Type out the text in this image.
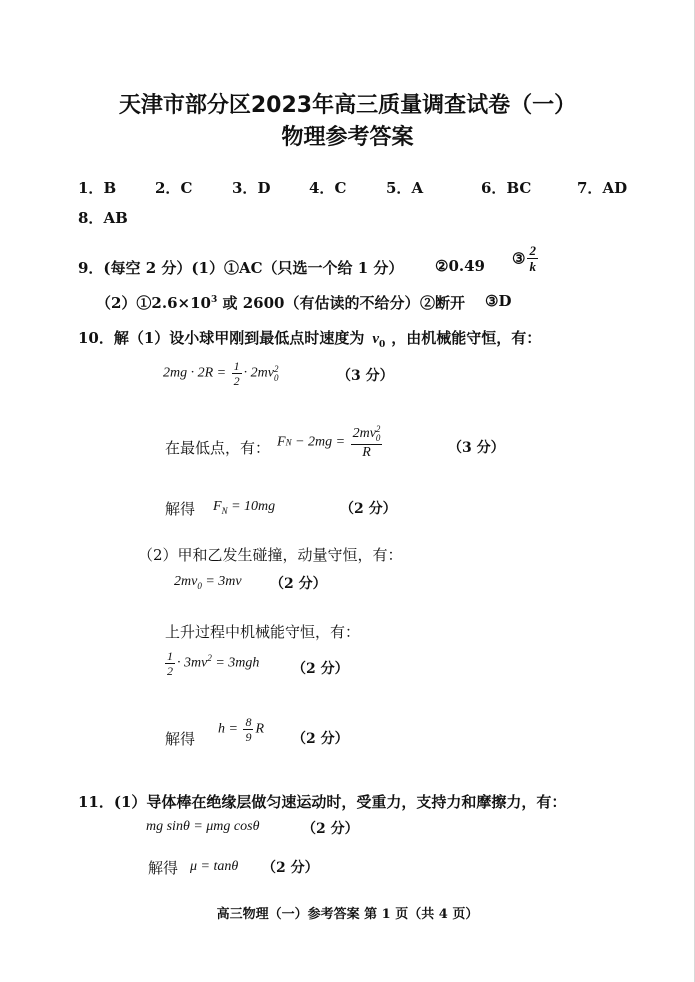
天津市部分区2023年高三质量调查试卷（一）
物理参考答案
1．B	2．C	3．D	4．C	5．A	6．BC	7．AD
8．AB
9．(每空 2 分）(1）①AC（只选一个给 1 分） ②0.49 ③ $\frac{2}{k}$
$(2)①2.6\times 10^3$ 或 2600（有估读的不给分） ②断开 ③D
10．解（1）设小球甲刚到最低点时速度为 $v_0$ ，由机械能守恒，有：
$2mg \cdot 2R = \frac{1}{2} \cdot 2mv$ 2
0	（3 分）
在最低点，有： FN − 2mg = 2mv 2
0
R	（3 分）
解得 $F_N = 10mg$	（2 分）
（2）甲和乙发生碰撞，动量守恒，有：
$2mv_0 = 3mv$ （2 分）
上升过程中机械能守恒，有：
$\frac{1}{2} \cdot 3mv^2 = 3mgh$ （2 分）
解得
$h = \frac{8}{9}$ R
（2 分）
11．(1）导体棒在绝缘层做匀速运动时，受重力，支持力和摩擦力，有：
mg sinθ = μmg cosθ	（2 分）
解得 μ = tanθ （2 分）
高三物理（一）参考答案 第 1 页（共 4 页）
